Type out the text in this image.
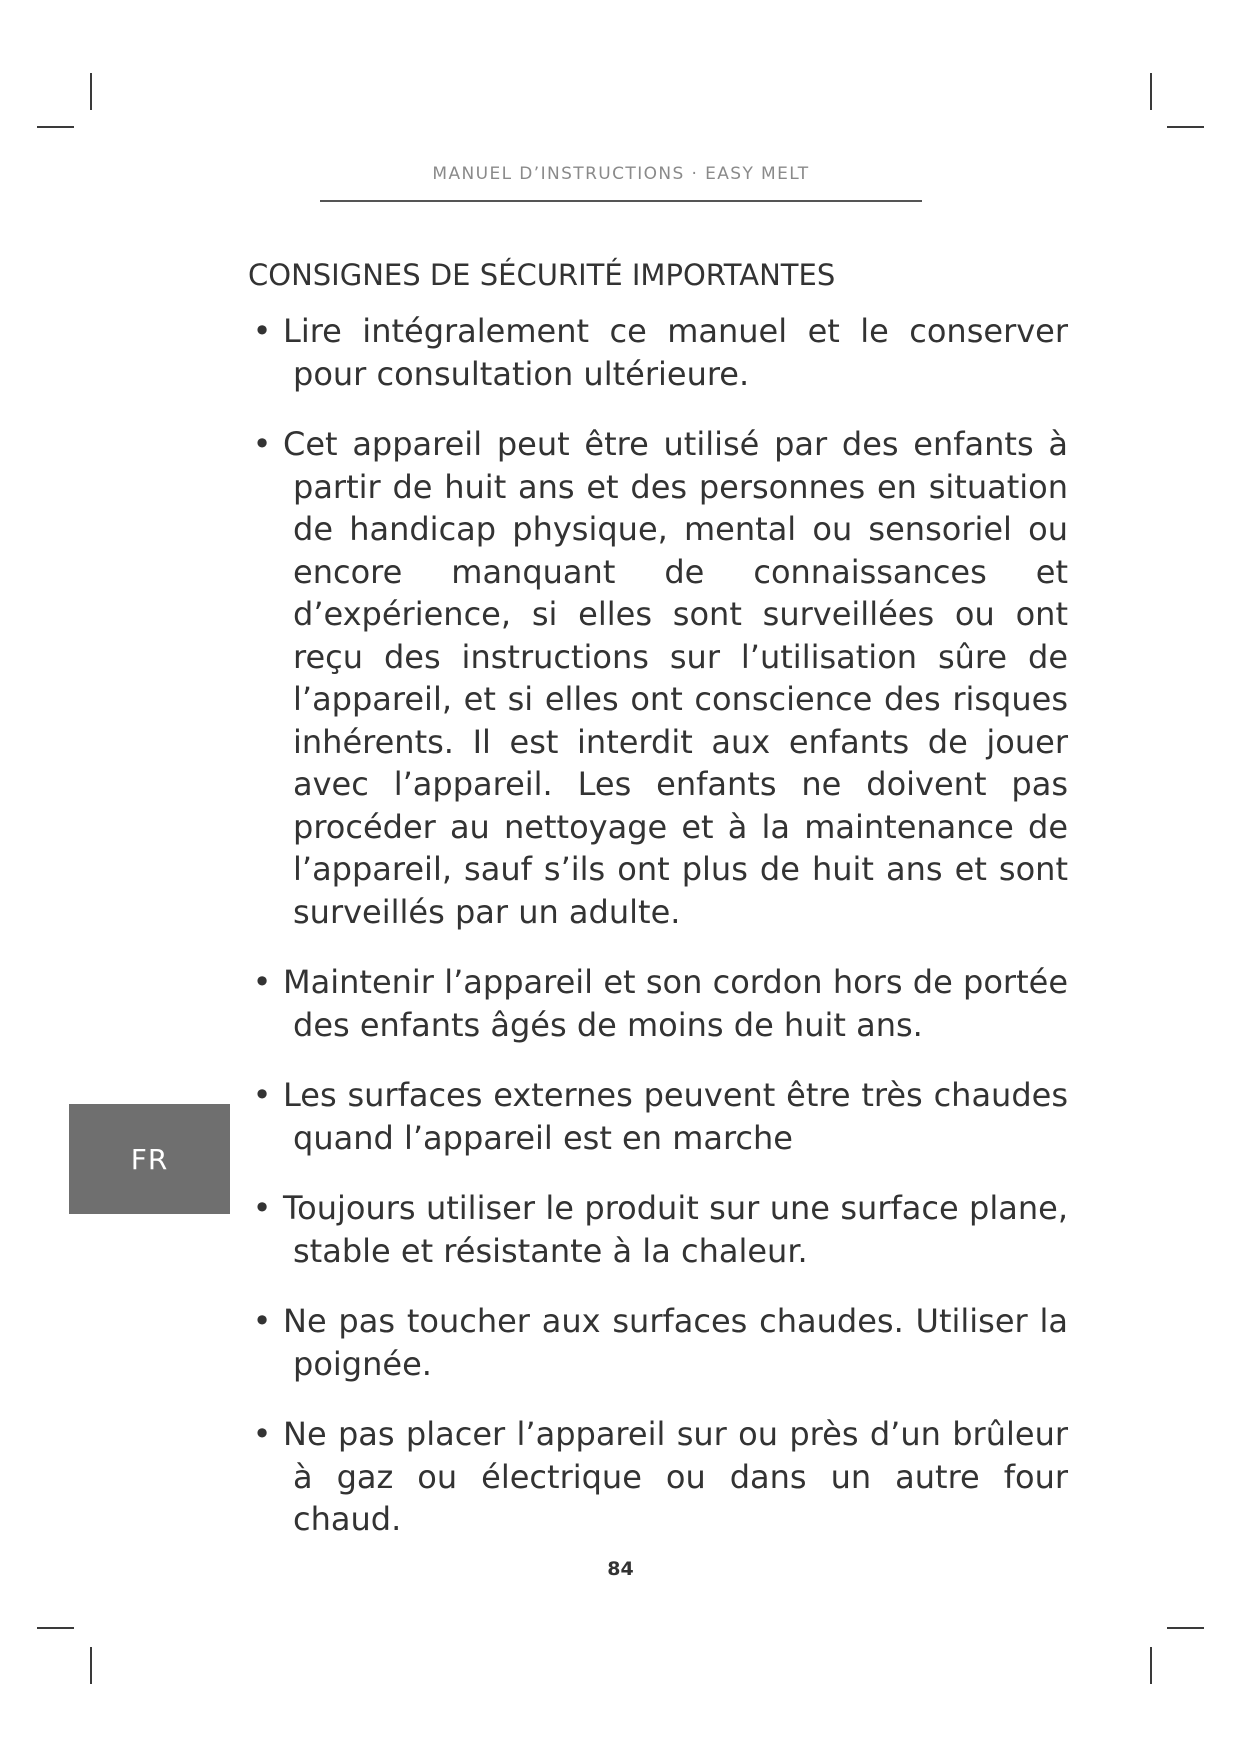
MANUEL D’INSTRUCTIONS · EASY MELT
CONSIGNES DE SÉCURITÉ IMPORTANTES
• Lire intégralement ce manuel et le conserver pour consultation ultérieure.
• Cet appareil peut être utilisé par des enfants à partir de huit ans et des personnes en situation de handicap physique, mental ou sensoriel ou encore manquant de connaissances et d’expérience, si elles sont surveillées ou ont reçu des instructions sur l’utilisation sûre de l’appareil, et si elles ont conscience des risques inhérents. Il est interdit aux enfants de jouer avec l’appareil. Les enfants ne doivent pas procéder au nettoyage et à la maintenance de l’appareil, sauf s’ils ont plus de huit ans et sont surveillés par un adulte.
• Maintenir l’appareil et son cordon hors de portée des enfants âgés de moins de huit ans.
• Les surfaces externes peuvent être très chaudes quand l’appareil est en marche
• Toujours utiliser le produit sur une surface plane, stable et résistante à la chaleur.
• Ne pas toucher aux surfaces chaudes. Utiliser la poignée.
• Ne pas placer l’appareil sur ou près d’un brûleur à gaz ou électrique ou dans un autre four chaud.
FR
84
